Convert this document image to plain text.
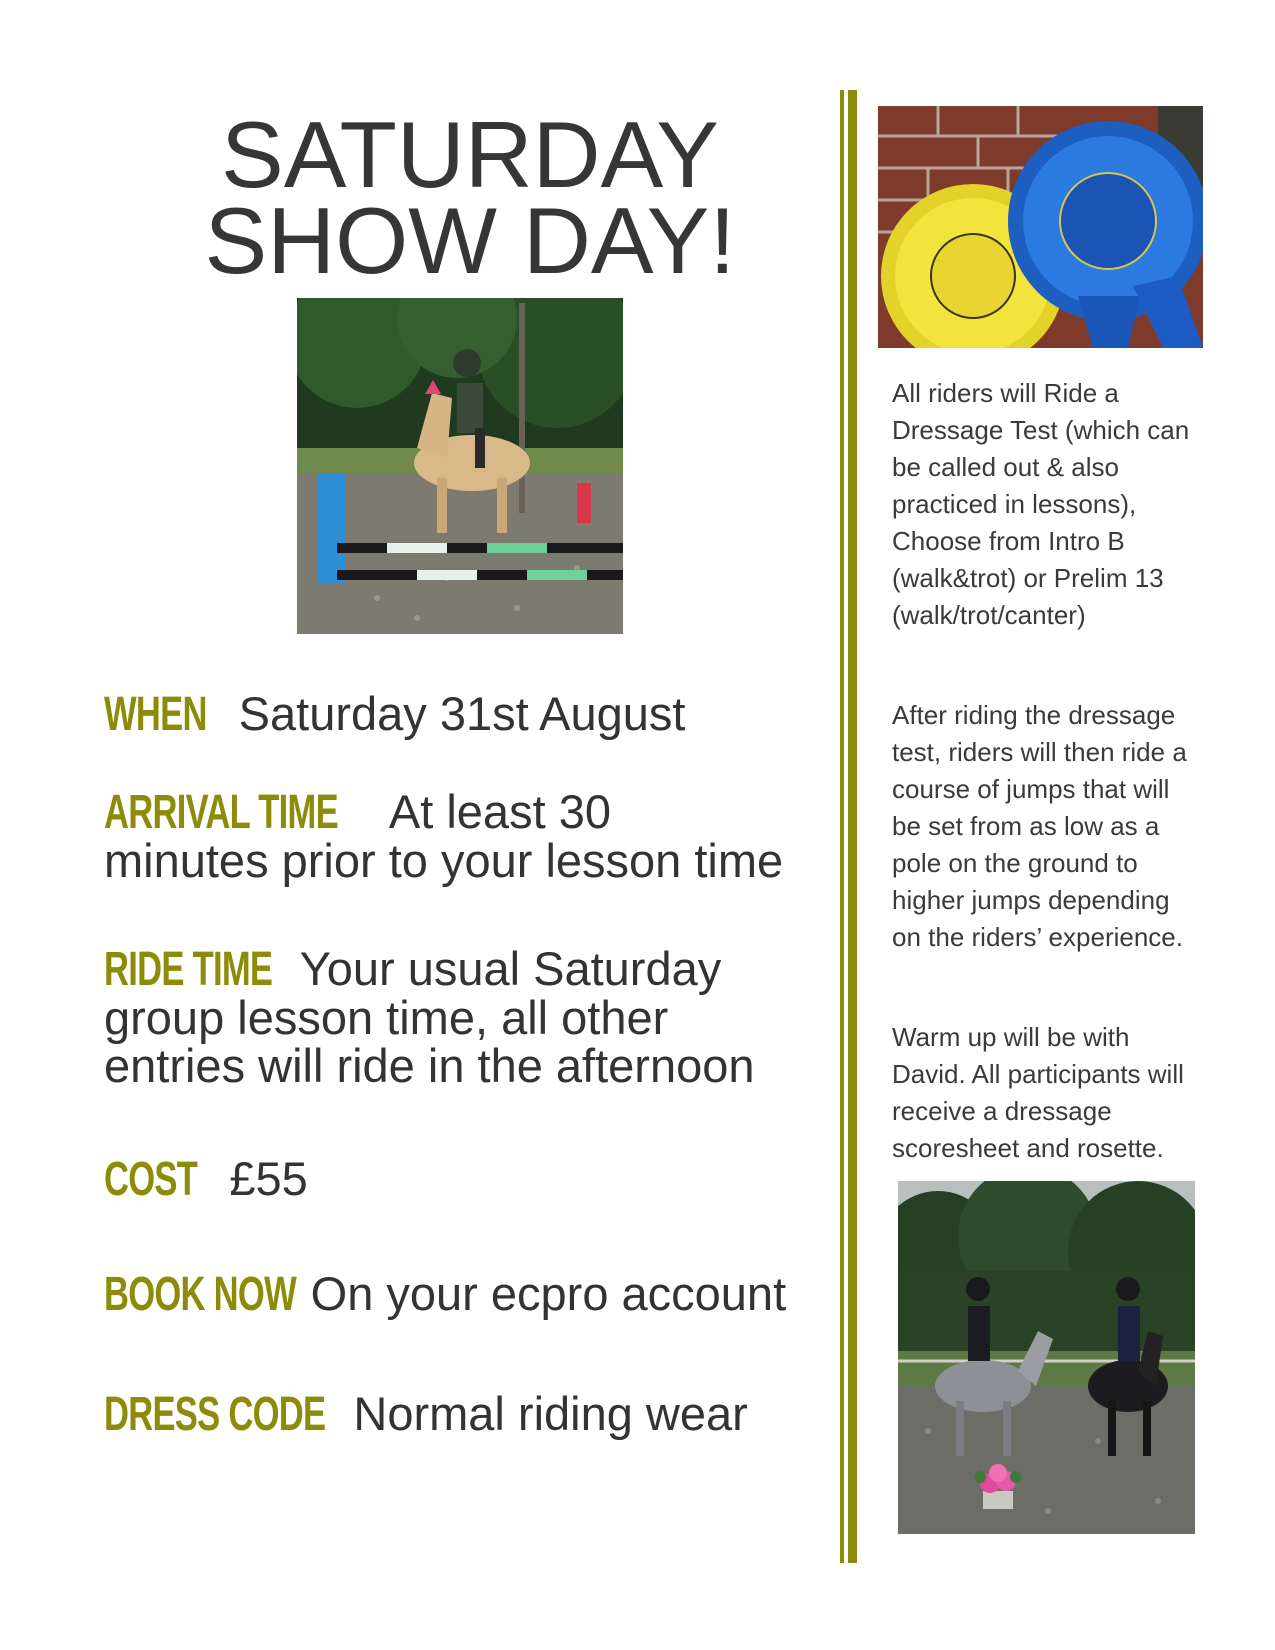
SATURDAY
SHOW DAY!
WHEN Saturday 31st August
ARRIVAL TIME At least 30
minutes prior to your lesson time
RIDE TIME Your usual Saturday
group lesson time, all other
entries will ride in the afternoon
COST £55
BOOK NOW On your ecpro account
DRESS CODE Normal riding wear
All riders will Ride a
Dressage Test (which can
be called out & also
practiced in lessons),
Choose from Intro B
(walk&trot) or Prelim 13
(walk/trot/canter)
After riding the dressage
test, riders will then ride a
course of jumps that will
be set from as low as a
pole on the ground to
higher jumps depending
on the riders’ experience.
Warm up will be with
David. All participants will
receive a dressage
scoresheet and rosette.
